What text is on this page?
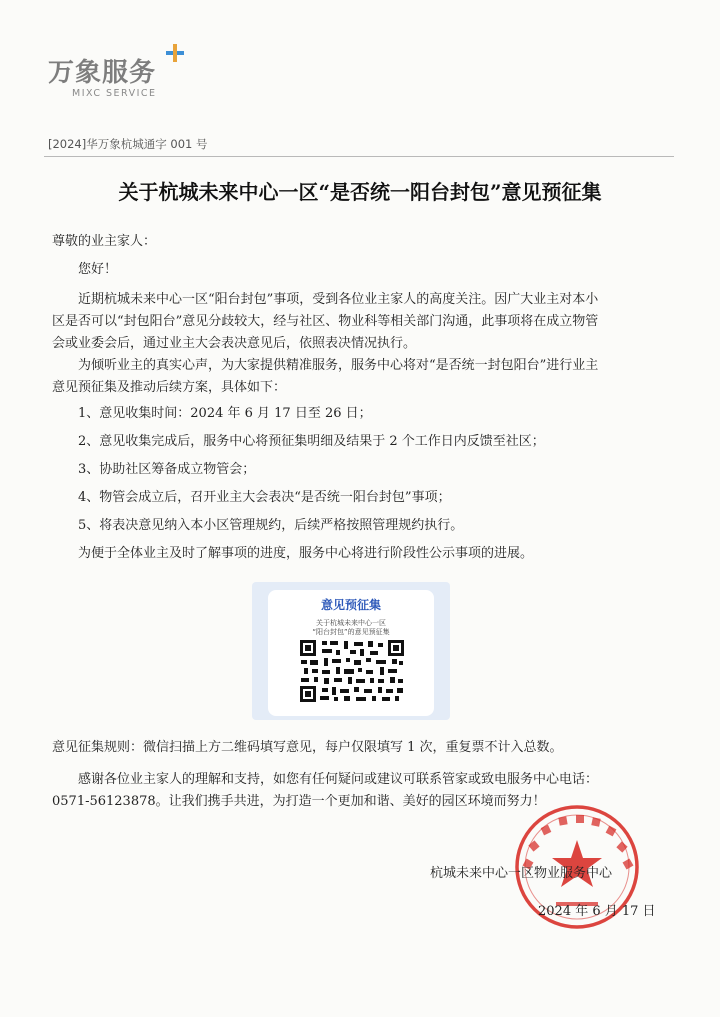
万象服务
MIXC SERVICE
[2024]华万象杭城通字 001 号
关于杭城未来中心一区“是否统一阳台封包”意见预征集
尊敬的业主家人：
您好！
近期杭城未来中心一区“阳台封包”事项，受到各位业主家人的高度关注。因广大业主对本小
区是否可以“封包阳台”意见分歧较大，经与社区、物业科等相关部门沟通，此事项将在成立物管
会或业委会后，通过业主大会表决意见后，依照表决情况执行。
为倾听业主的真实心声，为大家提供精准服务，服务中心将对“是否统一封包阳台”进行业主
意见预征集及推动后续方案，具体如下：
1、意见收集时间：2024 年 6 月 17 日至 26 日；
2、意见收集完成后，服务中心将预征集明细及结果于 2 个工作日内反馈至社区；
3、协助社区筹备成立物管会；
4、物管会成立后，召开业主大会表决“是否统一阳台封包”事项；
5、将表决意见纳入本小区管理规约，后续严格按照管理规约执行。
为便于全体业主及时了解事项的进度，服务中心将进行阶段性公示事项的进展。
意见预征集
关于杭城未来中心一区
“阳台封包”的意见预征集
意见征集规则：微信扫描上方二维码填写意见，每户仅限填写 1 次，重复票不计入总数。
感谢各位业主家人的理解和支持，如您有任何疑问或建议可联系管家或致电服务中心电话：
0571-56123878。让我们携手共进，为打造一个更加和谐、美好的园区环境而努力！
杭城未来中心一区物业服务中心
2024 年 6 月 17 日
